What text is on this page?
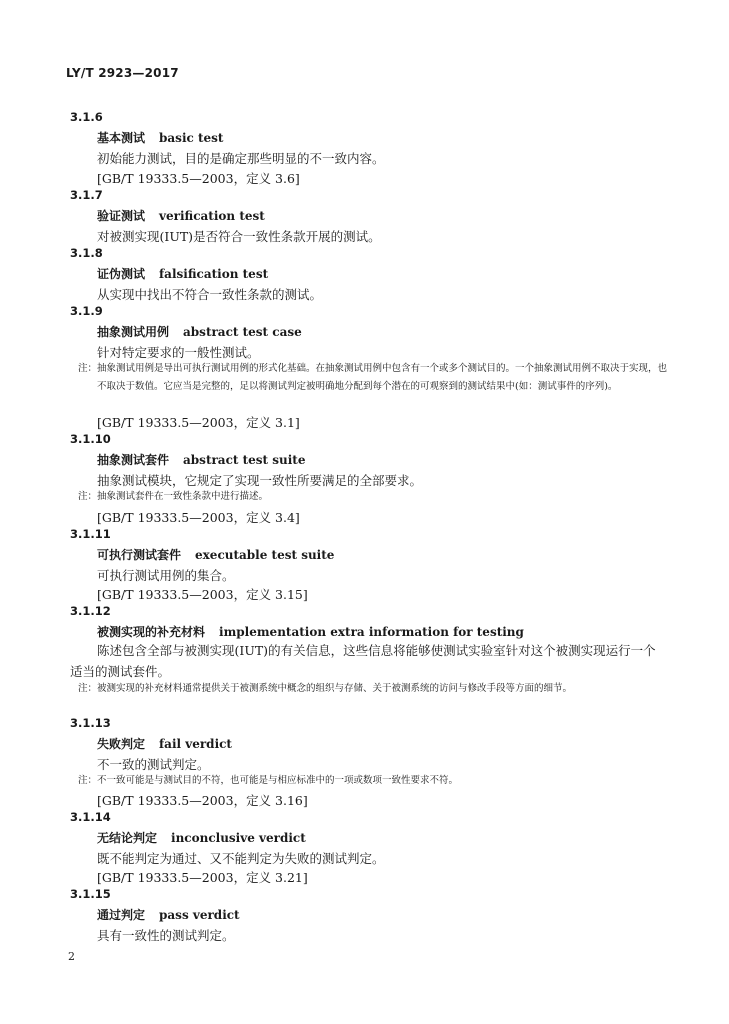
LY/T 2923—2017
3.1.6
基本测试 basic test
初始能力测试，目的是确定那些明显的不一致内容。
[GB/T 19333.5—2003，定义 3.6]
3.1.7
验证测试 verification test
对被测实现(IUT)是否符合一致性条款开展的测试。
3.1.8
证伪测试 falsification test
从实现中找出不符合一致性条款的测试。
3.1.9
抽象测试用例 abstract test case
针对特定要求的一般性测试。
注：抽象测试用例是导出可执行测试用例的形式化基础。在抽象测试用例中包含有一个或多个测试目的。一个抽象测试用例不取决于实现，也不取决于数值。它应当是完整的，足以将测试判定被明确地分配到每个潜在的可观察到的测试结果中(如：测试事件的序列)。
[GB/T 19333.5—2003，定义 3.1]
3.1.10
抽象测试套件 abstract test suite
抽象测试模块，它规定了实现一致性所要满足的全部要求。
注：抽象测试套件在一致性条款中进行描述。
[GB/T 19333.5—2003，定义 3.4]
3.1.11
可执行测试套件 executable test suite
可执行测试用例的集合。
[GB/T 19333.5—2003，定义 3.15]
3.1.12
被测实现的补充材料 implementation extra information for testing
陈述包含全部与被测实现(IUT)的有关信息，这些信息将能够使测试实验室针对这个被测实现运行一个适当的测试套件。
注：被测实现的补充材料通常提供关于被测系统中概念的组织与存储、关于被测系统的访问与修改手段等方面的细节。
3.1.13
失败判定 fail verdict
不一致的测试判定。
注：不一致可能是与测试目的不符，也可能是与相应标准中的一项或数项一致性要求不符。
[GB/T 19333.5—2003，定义 3.16]
3.1.14
无结论判定 inconclusive verdict
既不能判定为通过、又不能判定为失败的测试判定。
[GB/T 19333.5—2003，定义 3.21]
3.1.15
通过判定 pass verdict
具有一致性的测试判定。
2
